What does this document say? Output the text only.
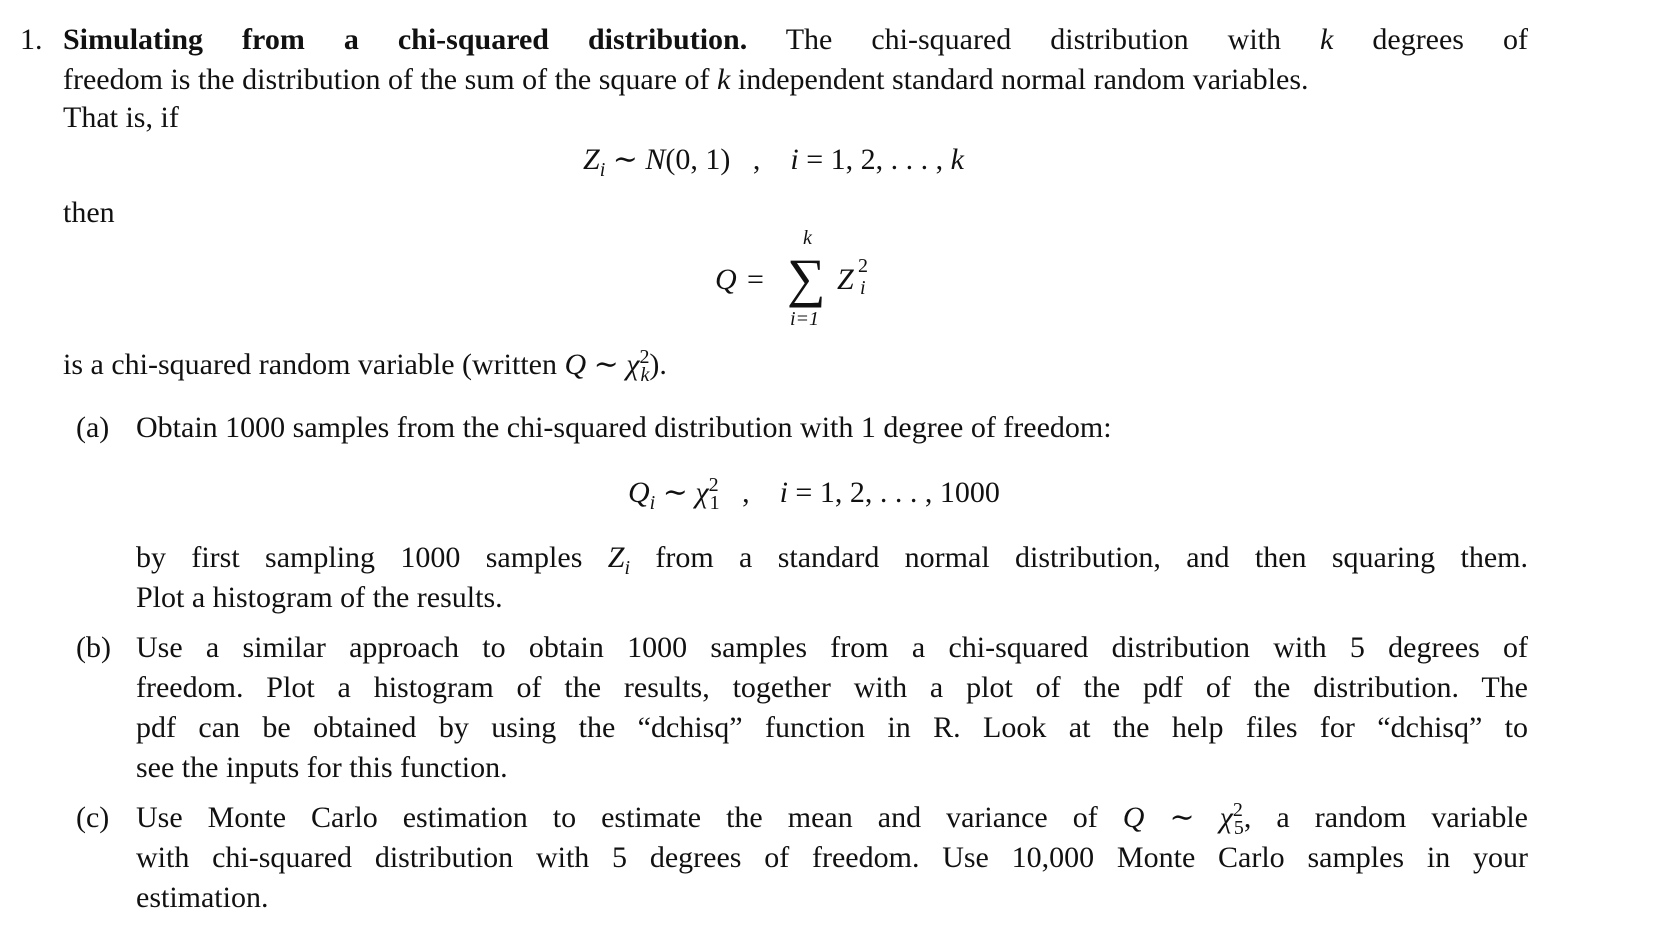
1. Simulating from a chi-squared distribution. The chi-squared distribution with k degrees of
freedom is the distribution of the sum of the square of k independent standard normal random variables.
That is, if
$Z_i$ ∼ N(0, 1) , i = 1, 2, . . . , k
then
Q =
k
∑
i=1
Z 2
i
is a chi-squared random variable (written Q ∼ $\chi^2_k$).
(a) Obtain 1000 samples from the chi-squared distribution with 1 degree of freedom:
$Q_i$ ∼ $\chi^2_1$ , i = 1, 2, . . . , 1000
by first sampling 1000 samples $Z_i$ from a standard normal distribution, and then squaring them.
Plot a histogram of the results.
(b) Use a similar approach to obtain 1000 samples from a chi-squared distribution with 5 degrees of
freedom. Plot a histogram of the results, together with a plot of the pdf of the distribution. The
pdf can be obtained by using the “dchisq” function in R. Look at the help files for “dchisq” to
see the inputs for this function.
(c) Use Monte Carlo estimation to estimate the mean and variance of Q ∼ $\chi^2_5$, a random variable
with chi-squared distribution with 5 degrees of freedom. Use 10,000 Monte Carlo samples in your
estimation.
